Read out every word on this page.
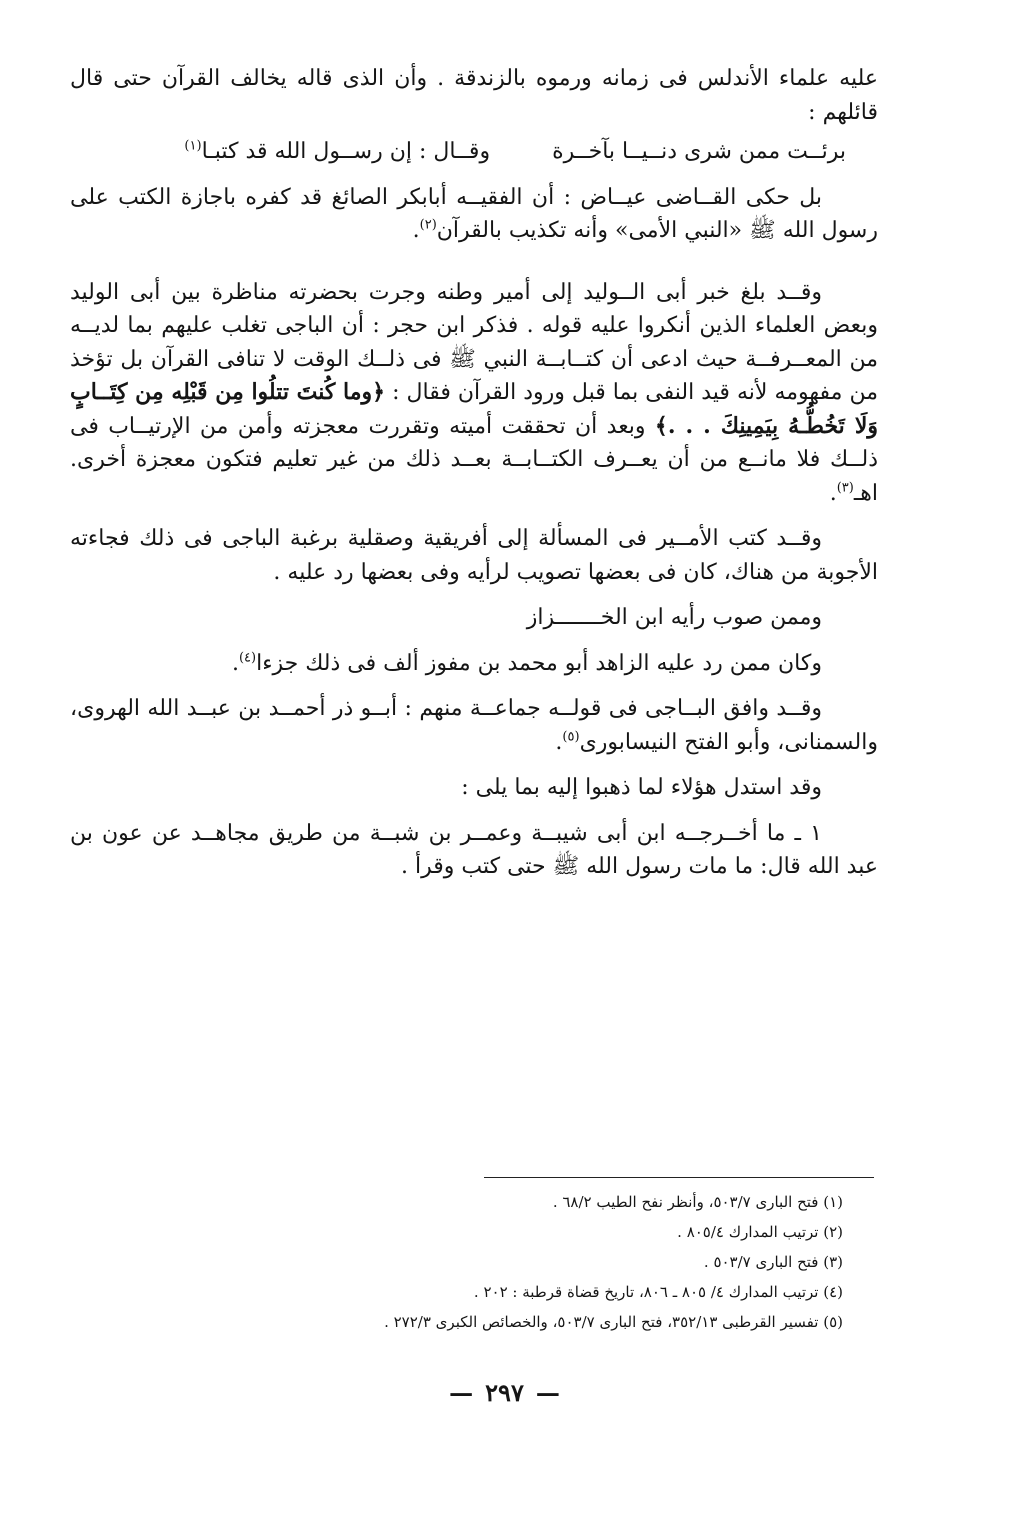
عليه علماء الأندلس فى زمانه ورموه بالزندقة . وأن الذى قاله يخالف القرآن حتى قال قائلهم :

برئــت ممن شرى دنــيــا بآخــرة
وقــال : إن رســول الله قد كتبـا$^{(١)}$

بل حكى القــاضى عيــاض : أن الفقيــه أبابكر الصائغ قد كفره باجازة الكتب على رسول الله ﷺ «النبي الأمى» وأنه تكذيب بالقرآن$^{(٢)}$.

وقــد بلغ خبر أبى الــوليد إلى أمير وطنه وجرت بحضرته مناظرة بين أبى الوليد وبعض العلماء الذين أنكروا عليه قوله . فذكر ابن حجر : أن الباجى تغلب عليهم بما لديــه من المعــرفــة حيث ادعى أن كتــابــة النبي ﷺ فى ذلــك الوقت لا تنافى القرآن بل تؤخذ من مفهومه لأنه قيد النفى بما قبل ورود القرآن فقال : ﴿وما كُنتَ تتلُوا مِن قَبْلِه مِن كِتَــابٍ وَلَا تَخُطُّـهُ بِيَمِينِكَ . . .﴾ وبعد أن تحققت أميته وتقررت معجزته وأمن من الإرتيــاب فى ذلــك فلا مانــع من أن يعــرف الكتــابــة بعــد ذلك من غير تعليم فتكون معجزة أخرى. اهـ$^{(٣)}$.

وقــد كتب الأمــير فى المسألة إلى أفريقية وصقلية برغبة الباجى فى ذلك فجاءته الأجوبة من هناك، كان فى بعضها تصويب لرأيه وفى بعضها رد عليه .

وممن صوب رأيه ابن الخـــــــزاز

وكان ممن رد عليه الزاهد أبو محمد بن مفوز ألف فى ذلك جزءا$^{(٤)}$.

وقــد وافق البــاجى فى قولــه جماعــة منهم : أبــو ذر أحمــد بن عبــد الله الهروى، والسمنانى، وأبو الفتح النيسابورى$^{(٥)}$.

وقد استدل هؤلاء لما ذهبوا إليه بما يلى :

١ ـ ما أخــرجــه ابن أبى شيبــة وعمــر بن شبــة من طريق مجاهــد عن عون بن عبد الله قال: ما مات رسول الله ﷺ حتى كتب وقرأ .

(١) فتح البارى ٥٠٣/٧، وأنظر نفح الطيب ٦٨/٢ .
(٢) ترتيب المدارك ٨٠٥/٤ .
(٣) فتح البارى ٥٠٣/٧ .
(٤) ترتيب المدارك ٤/ ٨٠٥ ـ ٨٠٦، تاريخ قضاة قرطبة : ٢٠٢ .
(٥) تفسير القرطبى ٣٥٢/١٣، فتح البارى ٥٠٣/٧، والخصائص الكبرى ٢٧٢/٣ .
—٢٩٧—
